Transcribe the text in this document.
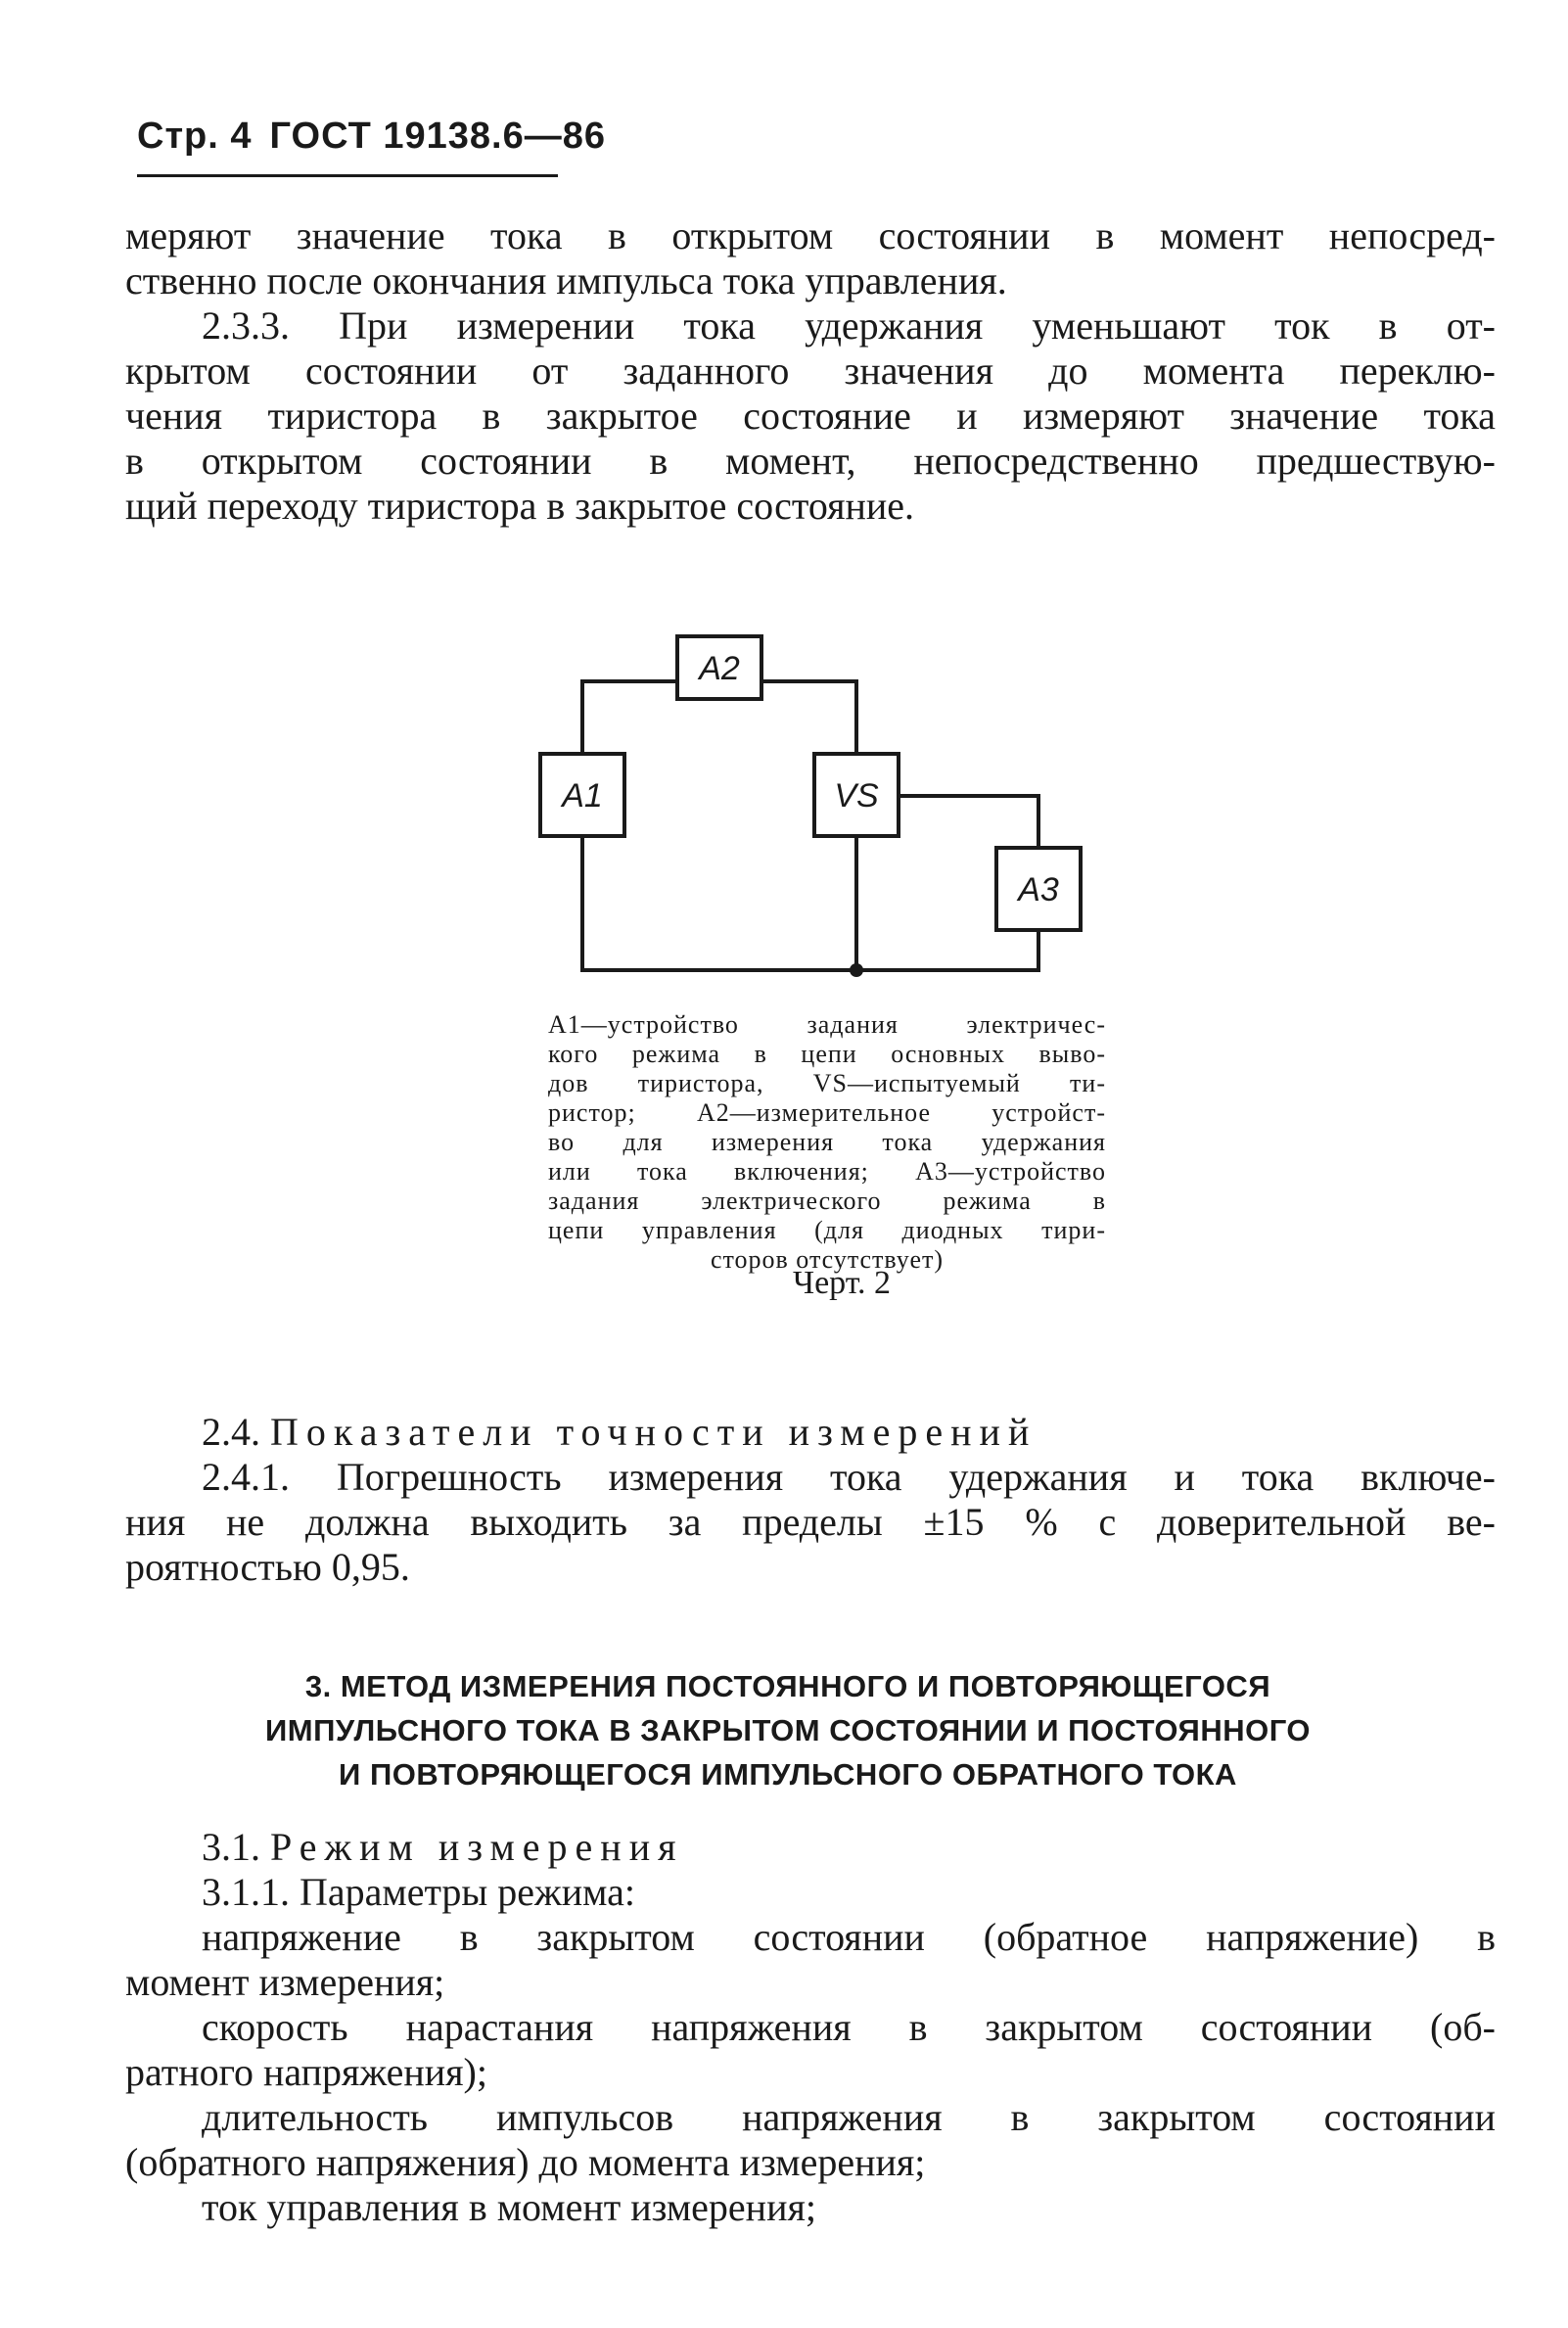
Стр. 4 ГОСТ 19138.6—86
меряют значение тока в открытом состоянии в момент непосред-
ственно после окончания импульса тока управления.
2.3.3. При измерении тока удержания уменьшают ток в от-
крытом состоянии от заданного значения до момента переклю-
чения тиристора в закрытое состояние и измеряют значение тока
в открытом состоянии в момент, непосредственно предшествую-
щий переходу тиристора в закрытое состояние.
A2
A1	VS
A3
A1—устройство задания электричес-
кого режима в цепи основных выво-
дов тиристора, VS—испытуемый ти-
ристор; A2—измерительное устройст-
во для измерения тока удержания
или тока включения; A3—устройство
задания электрического режима в
цепи управления (для диодных тири-
сторов отсутствует)
Черт. 2
2.4. Показатели точности измерений
2.4.1. Погрешность измерения тока удержания и тока включе-
ния не должна выходить за пределы ±15 % с доверительной ве-
роятностью 0,95.
3. МЕТОД ИЗМЕРЕНИЯ ПОСТОЯННОГО И ПОВТОРЯЮЩЕГОСЯ
ИМПУЛЬСНОГО ТОКА В ЗАКРЫТОМ СОСТОЯНИИ И ПОСТОЯННОГО
И ПОВТОРЯЮЩЕГОСЯ ИМПУЛЬСНОГО ОБРАТНОГО ТОКА
3.1. Режим измерения
3.1.1. Параметры режима:
напряжение в закрытом состоянии (обратное напряжение) в
момент измерения;
скорость нарастания напряжения в закрытом состоянии (об-
ратного напряжения);
длительность импульсов напряжения в закрытом состоянии
(обратного напряжения) до момента измерения;
ток управления в момент измерения;
